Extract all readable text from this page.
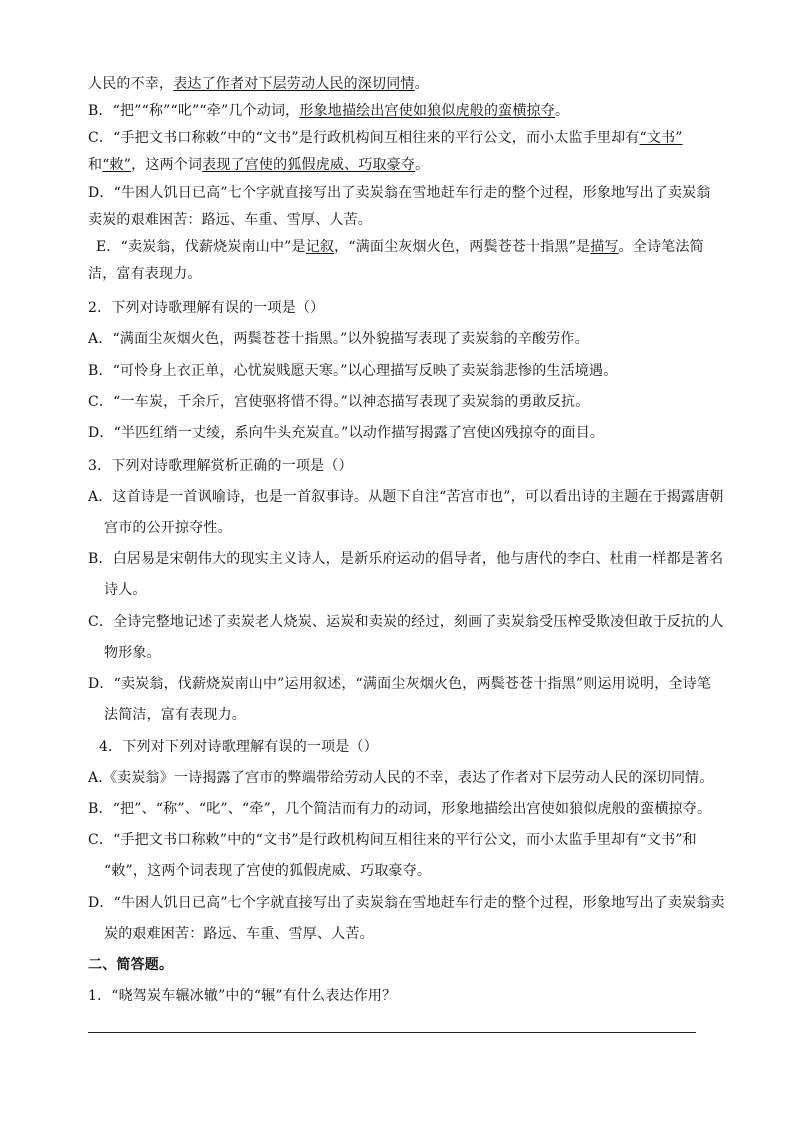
人民的不幸，表达了作者对下层劳动人民的深切同情。
B．“把”“称”“叱”“牵”几个动词，形象地描绘出宫使如狼似虎般的蛮横掠夺。
C．“手把文书口称敕”中的“文书”是行政机构间互相往来的平行公文，而小太监手里却有“文书”
和“敕”，这两个词表现了宫使的狐假虎威、巧取豪夺。
D．“牛困人饥日已高”七个字就直接写出了卖炭翁在雪地赶车行走的整个过程，形象地写出了卖炭翁
卖炭的艰难困苦：路远、车重、雪厚、人苦。
E．“卖炭翁，伐薪烧炭南山中”是记叙，“满面尘灰烟火色，两鬓苍苍十指黑”是描写。全诗笔法简
洁，富有表现力。
2．下列对诗歌理解有误的一项是（）
A．“满面尘灰烟火色，两鬓苍苍十指黑。”以外貌描写表现了卖炭翁的辛酸劳作。
B．“可怜身上衣正单，心忧炭贱愿天寒。”以心理描写反映了卖炭翁悲惨的生活境遇。
C．“一车炭，千余斤，宫使驱将惜不得。”以神态描写表现了卖炭翁的勇敢反抗。
D．“半匹红绡一丈绫，系向牛头充炭直。”以动作描写揭露了宫使凶残掠夺的面目。
3．下列对诗歌理解赏析正确的一项是（）
A．这首诗是一首讽喻诗，也是一首叙事诗。从题下自注“苦宫市也”，可以看出诗的主题在于揭露唐朝
宫市的公开掠夺性。
B．白居易是宋朝伟大的现实主义诗人，是新乐府运动的倡导者，他与唐代的李白、杜甫一样都是著名
诗人。
C．全诗完整地记述了卖炭老人烧炭、运炭和卖炭的经过，刻画了卖炭翁受压榨受欺凌但敢于反抗的人
物形象。
D．“卖炭翁，伐薪烧炭南山中”运用叙述，“满面尘灰烟火色，两鬓苍苍十指黑”则运用说明，全诗笔
法简洁，富有表现力。
4．下列对下列对诗歌理解有误的一项是（）
A.《卖炭翁》一诗揭露了宫市的弊端带给劳动人民的不幸，表达了作者对下层劳动人民的深切同情。
B．“把”、“称”、“叱”、“牵”，几个简洁而有力的动词，形象地描绘出宫使如狼似虎般的蛮横掠夺。
C．“手把文书口称敕”中的“文书”是行政机构间互相往来的平行公文，而小太监手里却有“文书”和
“敕”，这两个词表现了宫使的狐假虎威、巧取豪夺。
D．“牛困人饥日已高”七个字就直接写出了卖炭翁在雪地赶车行走的整个过程，形象地写出了卖炭翁卖
炭的艰难困苦：路远、车重、雪厚、人苦。
二、简答题。
1．“晓驾炭车辗冰辙”中的“辗”有什么表达作用？
